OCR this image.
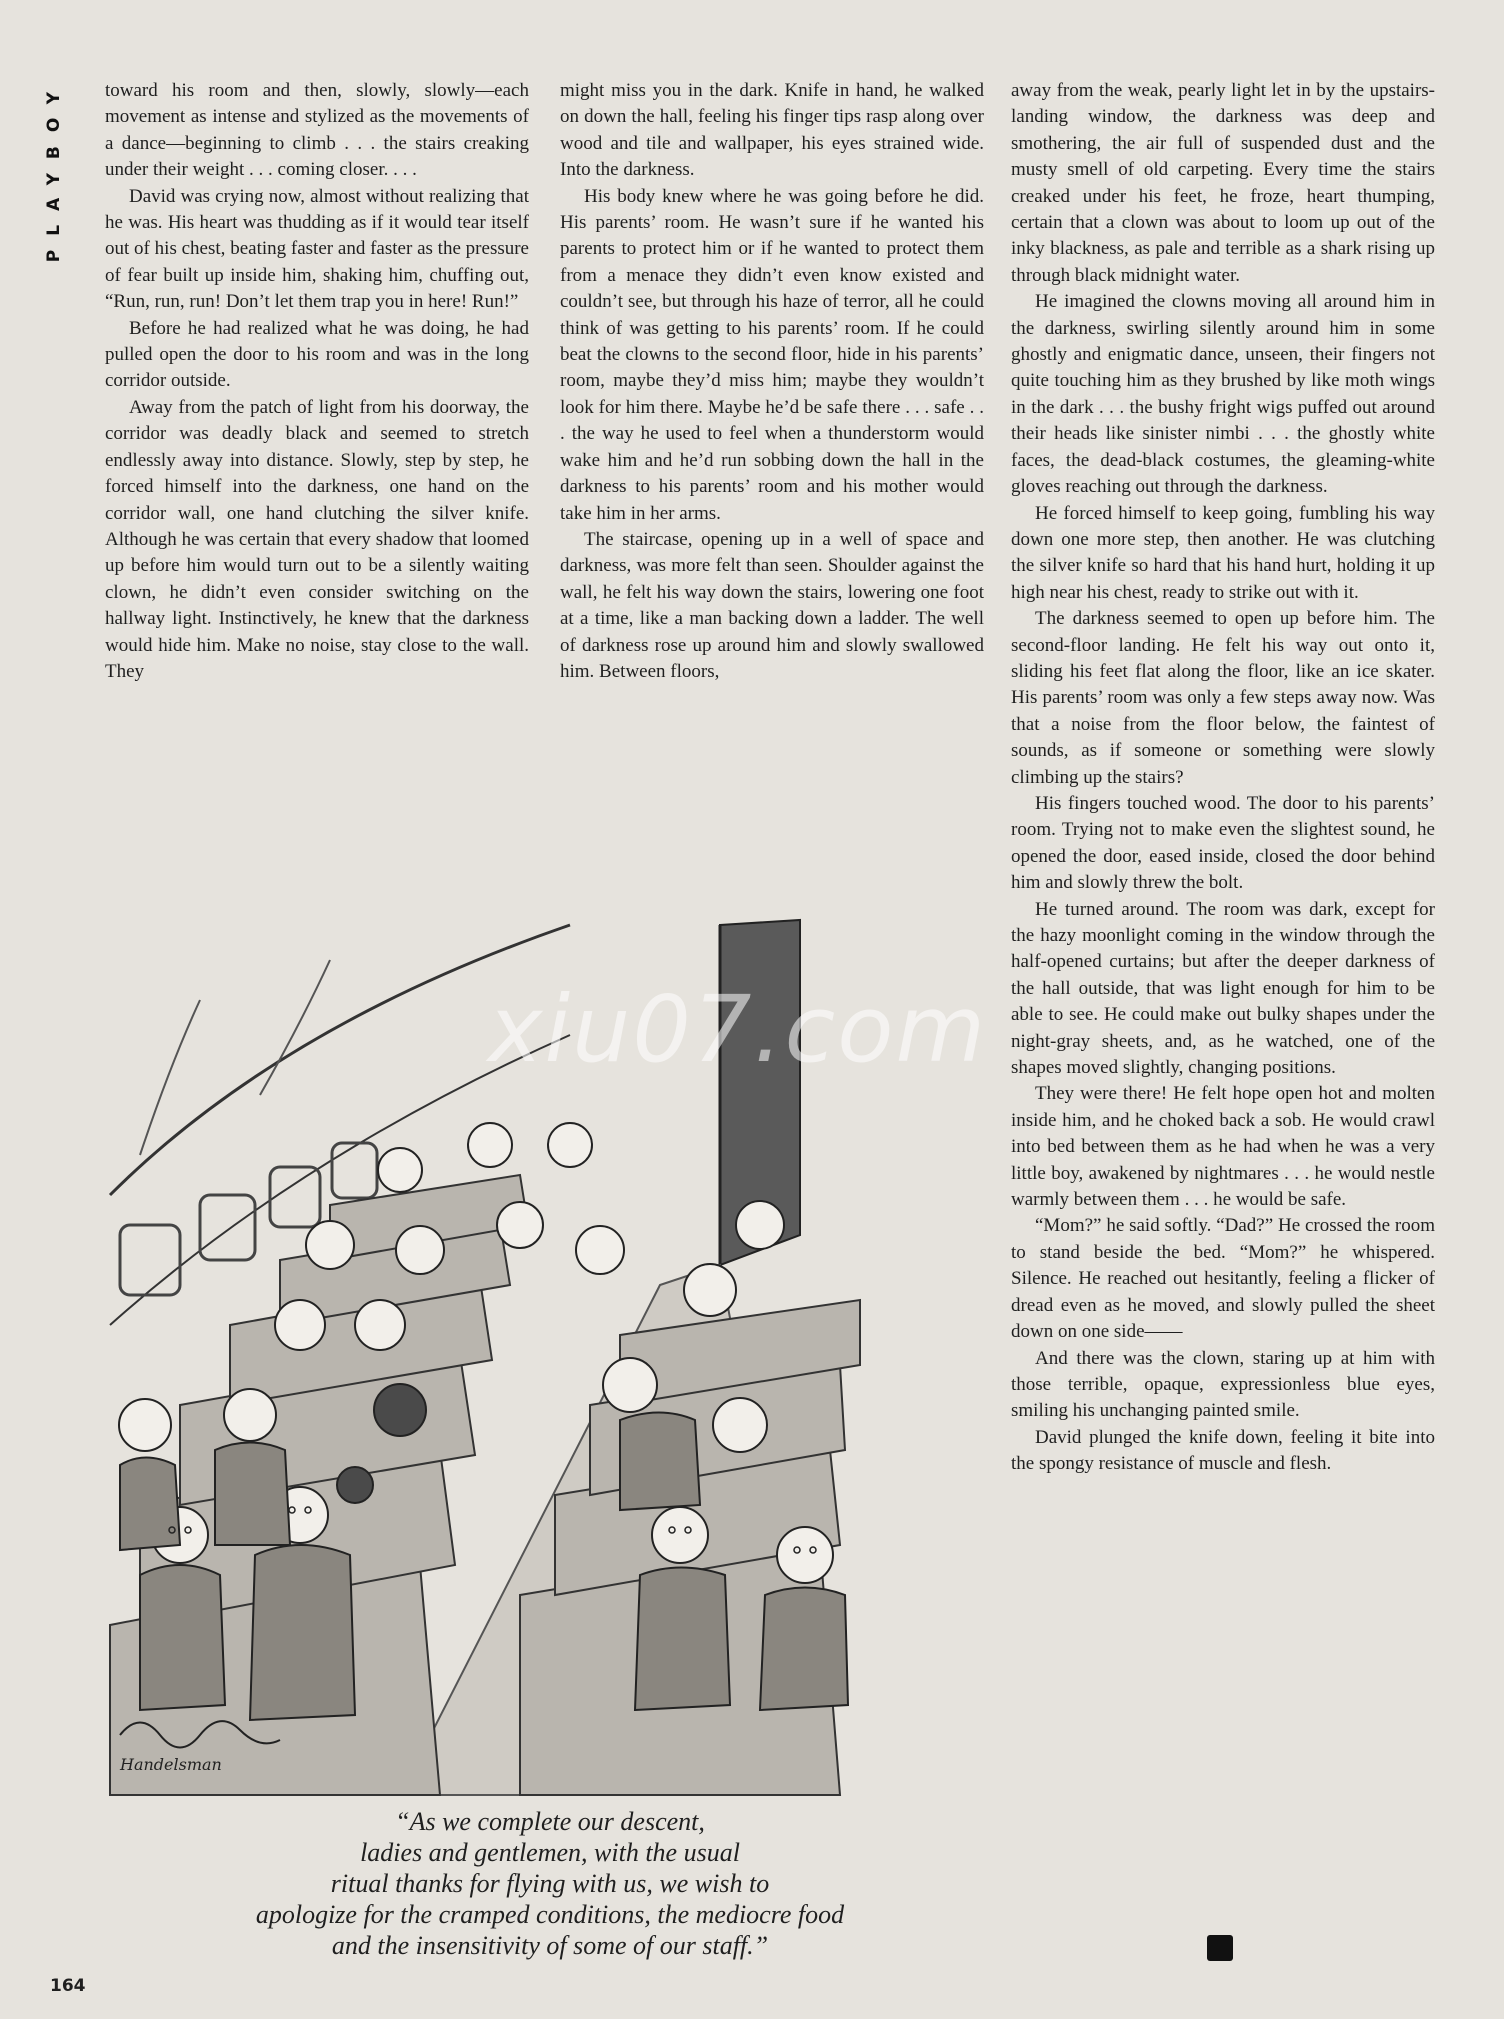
PLAYBOY toward his room and then, slowly, slowly—each movement as intense and stylized as the movements of a dance—beginning to climb . . . the stairs creaking under their weight . . . coming closer. . . .

David was crying now, almost without realizing that he was. His heart was thudding as if it would tear itself out of his chest, beating faster and faster as the pressure of fear built up inside him, shaking him, chuffing out, “Run, run, run! Don’t let them trap you in here! Run!”

Before he had realized what he was doing, he had pulled open the door to his room and was in the long corridor outside.

Away from the patch of light from his doorway, the corridor was deadly black and seemed to stretch endlessly away into distance. Slowly, step by step, he forced himself into the darkness, one hand on the corridor wall, one hand clutching the silver knife. Although he was certain that every shadow that loomed up before him would turn out to be a silently waiting clown, he didn’t even consider switching on the hallway light. Instinctively, he knew that the darkness would hide him. Make no noise, stay close to the wall. They

might miss you in the dark. Knife in hand, he walked on down the hall, feeling his finger tips rasp along over wood and tile and wallpaper, his eyes strained wide. Into the darkness.

His body knew where he was going before he did. His parents’ room. He wasn’t sure if he wanted his parents to protect him or if he wanted to protect them from a menace they didn’t even know existed and couldn’t see, but through his haze of terror, all he could think of was getting to his parents’ room. If he could beat the clowns to the second floor, hide in his parents’ room, maybe they’d miss him; maybe they wouldn’t look for him there. Maybe he’d be safe there . . . safe . . . the way he used to feel when a thunderstorm would wake him and he’d run sobbing down the hall in the darkness to his parents’ room and his mother would take him in her arms.

The staircase, opening up in a well of space and darkness, was more felt than seen. Shoulder against the wall, he felt his way down the stairs, lowering one foot at a time, like a man backing down a ladder. The well of darkness rose up around him and slowly swallowed him. Between floors,

away from the weak, pearly light let in by the upstairs-landing window, the darkness was deep and smothering, the air full of suspended dust and the musty smell of old carpeting. Every time the stairs creaked under his feet, he froze, heart thumping, certain that a clown was about to loom up out of the inky blackness, as pale and terrible as a shark rising up through black midnight water.

He imagined the clowns moving all around him in the darkness, swirling silently around him in some ghostly and enigmatic dance, unseen, their fingers not quite touching him as they brushed by like moth wings in the dark . . . the bushy fright wigs puffed out around their heads like sinister nimbi . . . the ghostly white faces, the dead-black costumes, the gleaming-white gloves reaching out through the darkness.

He forced himself to keep going, fumbling his way down one more step, then another. He was clutching the silver knife so hard that his hand hurt, holding it up high near his chest, ready to strike out with it.

The darkness seemed to open up before him. The second-floor landing. He felt his way out onto it, sliding his feet flat along the floor, like an ice skater. His parents’ room was only a few steps away now. Was that a noise from the floor below, the faintest of sounds, as if someone or something were slowly climbing up the stairs?

His fingers touched wood. The door to his parents’ room. Trying not to make even the slightest sound, he opened the door, eased inside, closed the door behind him and slowly threw the bolt.

He turned around. The room was dark, except for the hazy moonlight coming in the window through the half-opened curtains; but after the deeper darkness of the hall outside, that was light enough for him to be able to see. He could make out bulky shapes under the night-gray sheets, and, as he watched, one of the shapes moved slightly, changing positions.

They were there! He felt hope open hot and molten inside him, and he choked back a sob. He would crawl into bed between them as he had when he was a very little boy, awakened by nightmares . . . he would nestle warmly between them . . . he would be safe.

“Mom?” he said softly. “Dad?” He crossed the room to stand beside the bed. “Mom?” he whispered. Silence. He reached out hesitantly, feeling a flicker of dread even as he moved, and slowly pulled the sheet down on one side——

And there was the clown, staring up at him with those terrible, opaque, expressionless blue eyes, smiling his unchanging painted smile.

David plunged the knife down, feeling it bite into the spongy resistance of muscle and flesh.

Handelsman
xiu07.com
“As we complete our descent,
ladies and gentlemen, with the usual
ritual thanks for flying with us, we wish to
apologize for the cramped conditions, the mediocre food
and the insensitivity of some of our staff.”
164
